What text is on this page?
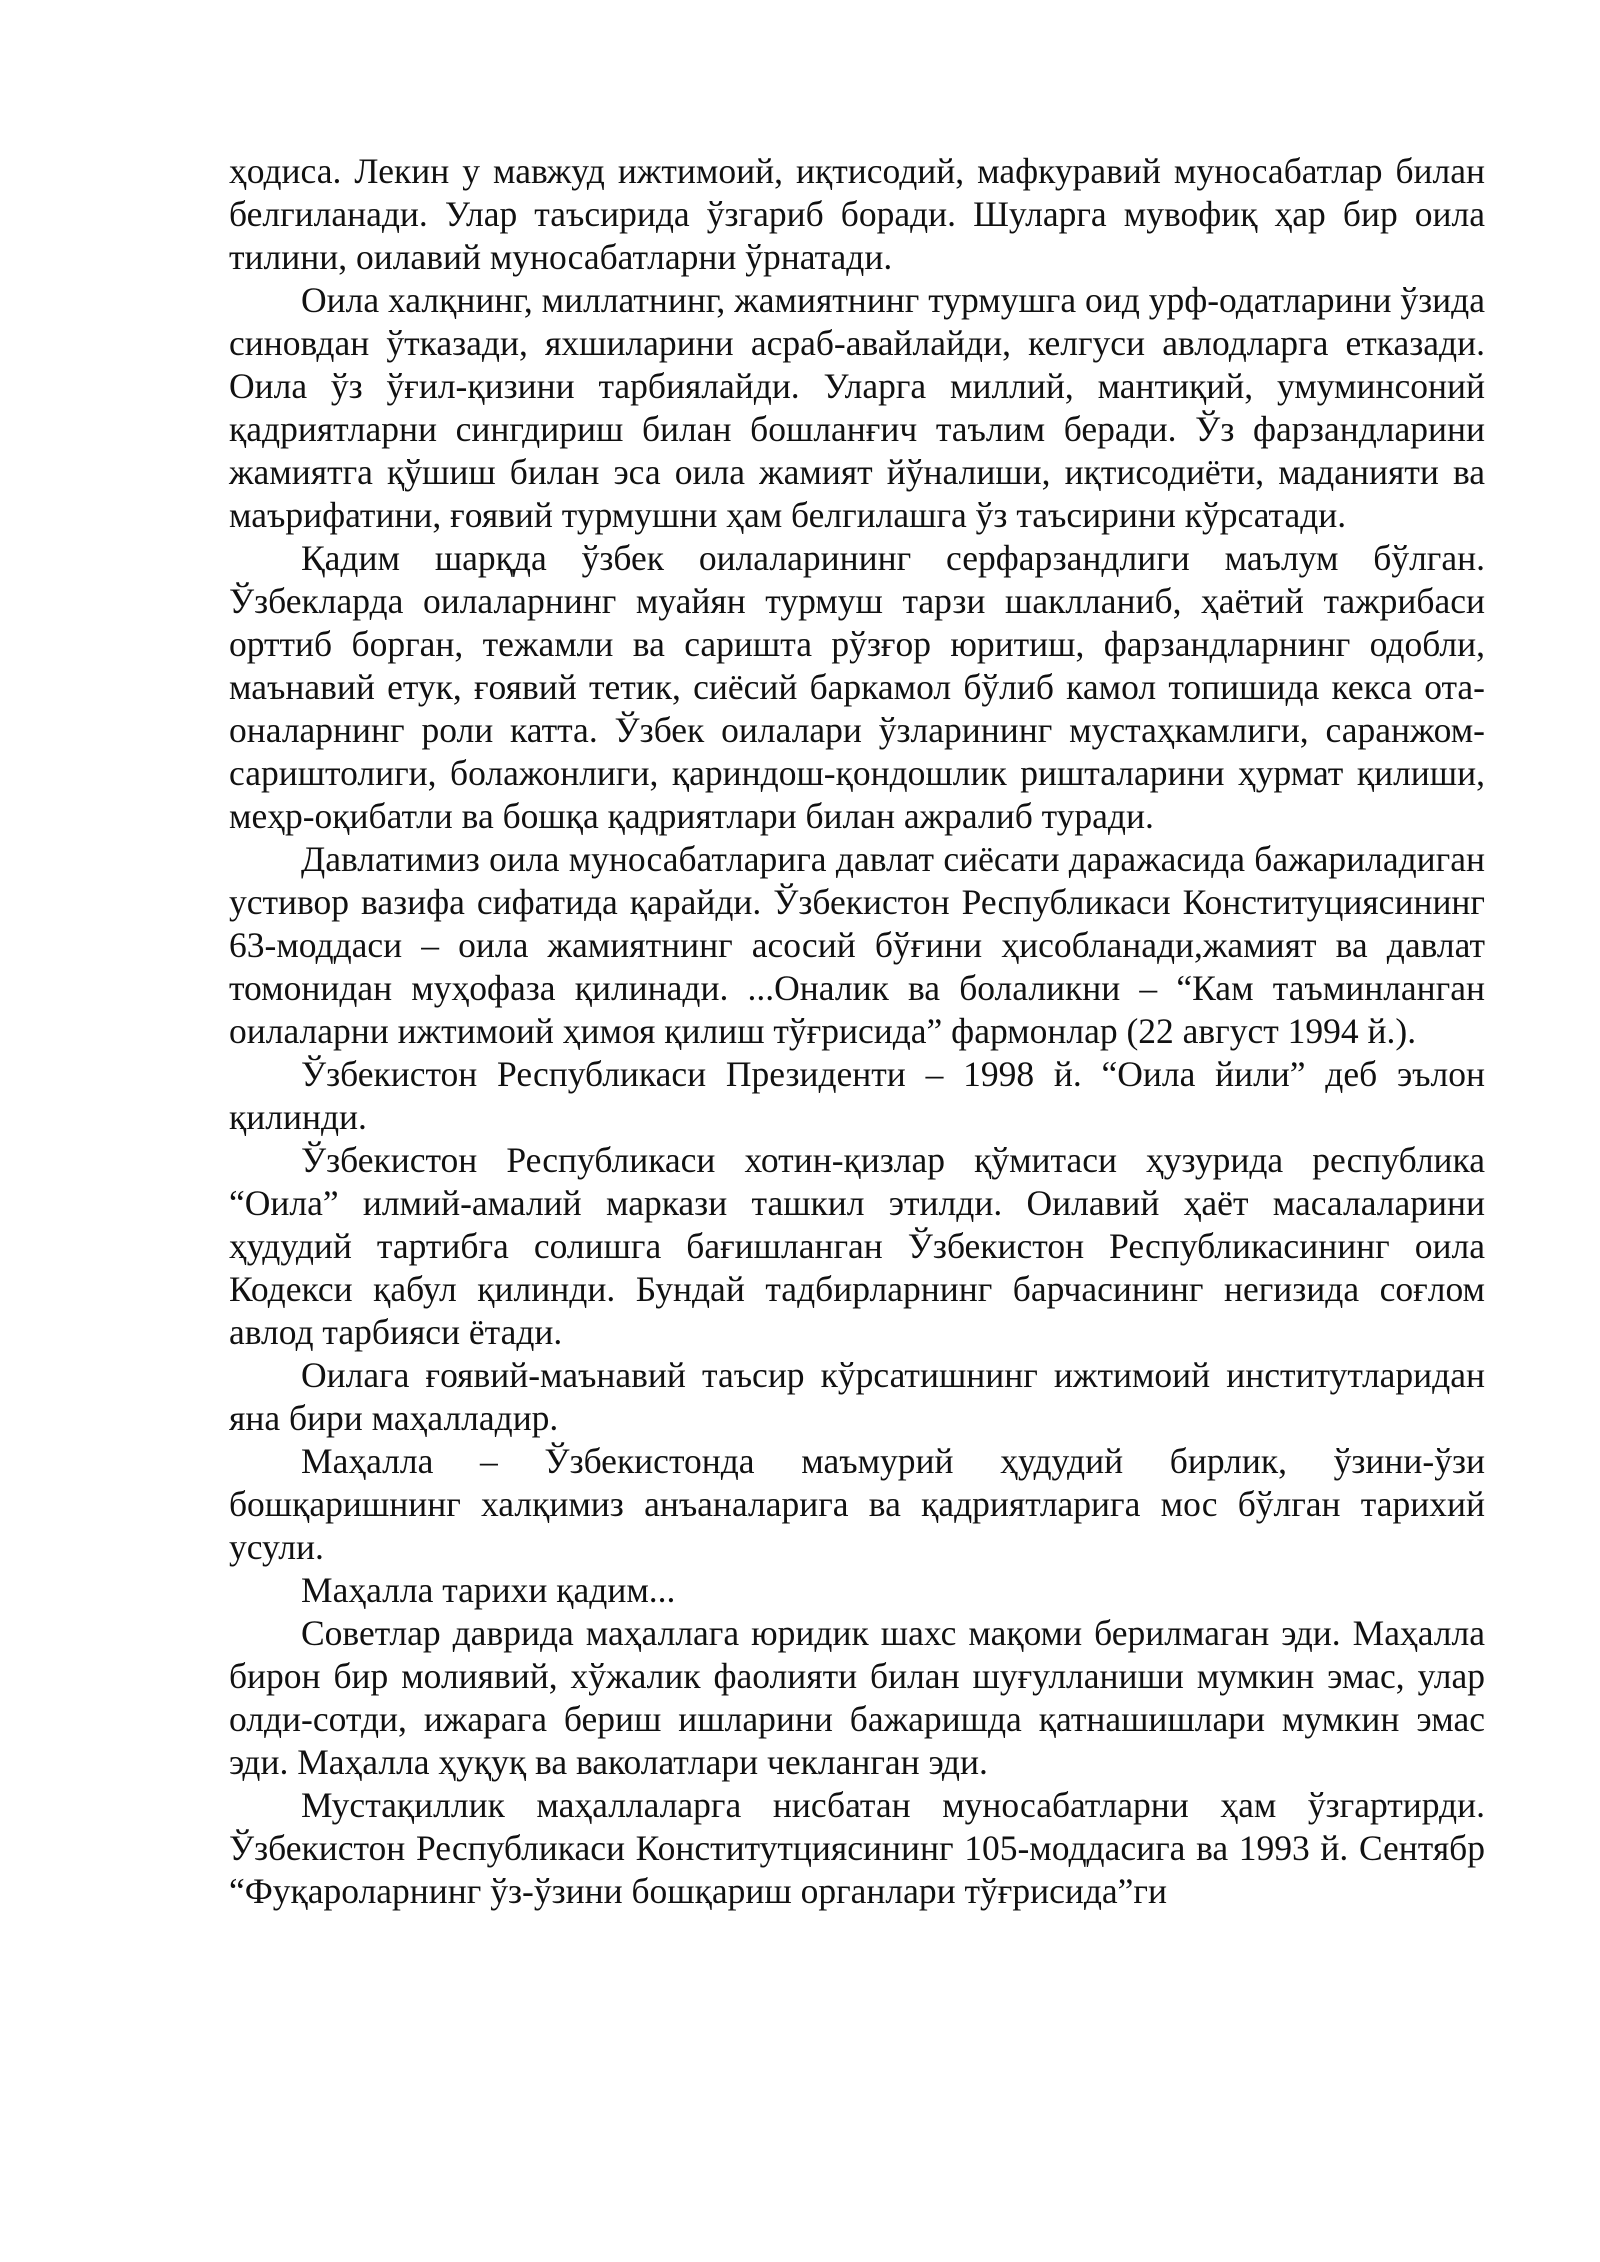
ҳодиса. Лекин у мавжуд ижтимоий, иқтисодий, мафкуравий муносабатлар билан белгиланади. Улар таъсирида ўзгариб боради. Шуларга мувофиқ ҳар бир оила тилини, оилавий муносабатларни ўрнатади.

Оила халқнинг, миллатнинг, жамиятнинг турмушга оид урф-одатларини ўзида синовдан ўтказади, яхшиларини асраб-авайлайди, келгуси авлодларга етказади. Оила ўз ўғил-қизини тарбиялайди. Уларга миллий, мантиқий, умуминсоний қадриятларни сингдириш билан бошланғич таълим беради. Ўз фарзандларини жамиятга қўшиш билан эса оила жамият йўналиши, иқтисодиёти, маданияти ва маърифатини, ғоявий турмушни ҳам белгилашга ўз таъсирини кўрсатади.

Қадим шарқда ўзбек оилаларининг серфарзандлиги маълум бўлган. Ўзбекларда оилаларнинг муайян турмуш тарзи шаклланиб, ҳаётий тажрибаси орттиб борган, тежамли ва саришта рўзғор юритиш, фарзандларнинг одобли, маънавий етук, ғоявий тетик, сиёсий баркамол бўлиб камол топишида кекса ота-оналарнинг роли катта. Ўзбек оилалари ўзларининг мустаҳкамлиги, саранжом-сариштолиги, болажонлиги, қариндош-қондошлик ришталарини ҳурмат қилиши, меҳр-оқибатли ва бошқа қадриятлари билан ажралиб туради.

Давлатимиз оила муносабатларига давлат сиёсати даражасида бажариладиган устивор вазифа сифатида қарайди. Ўзбекистон Республикаси Конституциясининг 63-моддаси – оила жамиятнинг асосий бўғини ҳисобланади,жамият ва давлат томонидан муҳофаза қилинади. ...Оналик ва болаликни – “Кам таъминланган оилаларни ижтимоий ҳимоя қилиш тўғрисида” фармонлар (22 август 1994 й.).

Ўзбекистон Республикаси Президенти – 1998 й. “Оила йили” деб эълон қилинди.

Ўзбекистон Республикаси хотин-қизлар қўмитаси ҳузурида республика “Оила” илмий-амалий маркази ташкил этилди. Оилавий ҳаёт масалаларини ҳудудий тартибга солишга бағишланган Ўзбекистон Республикасининг оила Кодекси қабул қилинди. Бундай тадбирларнинг барчасининг негизида соғлом авлод тарбияси ётади.

Оилага ғоявий-маънавий таъсир кўрсатишнинг ижтимоий институтларидан яна бири маҳалладир.

Маҳалла – Ўзбекистонда маъмурий ҳудудий бирлик, ўзини-ўзи бошқаришнинг халқимиз анъаналарига ва қадриятларига мос бўлган тарихий усули.

Маҳалла тарихи қадим...

Советлар даврида маҳаллага юридик шахс мақоми берилмаган эди. Маҳалла бирон бир молиявий, хўжалик фаолияти билан шуғулланиши мумкин эмас, улар олди-сотди, ижарага бериш ишларини бажаришда қатнашишлари мумкин эмас эди. Маҳалла ҳуқуқ ва ваколатлари чекланган эди.

Мустақиллик маҳаллаларга нисбатан муносабатларни ҳам ўзгартирди. Ўзбекистон Республикаси Конститутциясининг 105-моддасига ва 1993 й. Сентябр “Фуқароларнинг ўз-ўзини бошқариш органлари тўғрисида”ги
